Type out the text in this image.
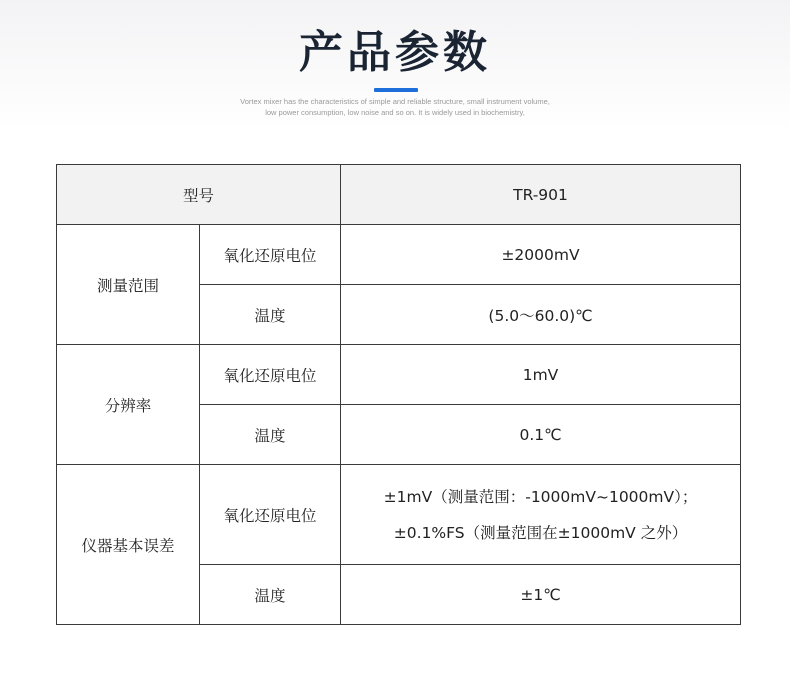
产品参数
Vortex mixer has the characteristics of simple and reliable structure, small instrument volume,
low power consumption, low noise and so on. It is widely used in biochemistry,
型号		TR-901
测量范围	氧化还原电位	±2000mV
	温度	(5.0～60.0)℃
分辨率	氧化还原电位	1mV
	温度	0.1℃
仪器基本误差	氧化还原电位	±1mV（测量范围：-1000mV~1000mV）；
±0.1%FS（测量范围在±1000mV 之外）

	温度	±1℃
